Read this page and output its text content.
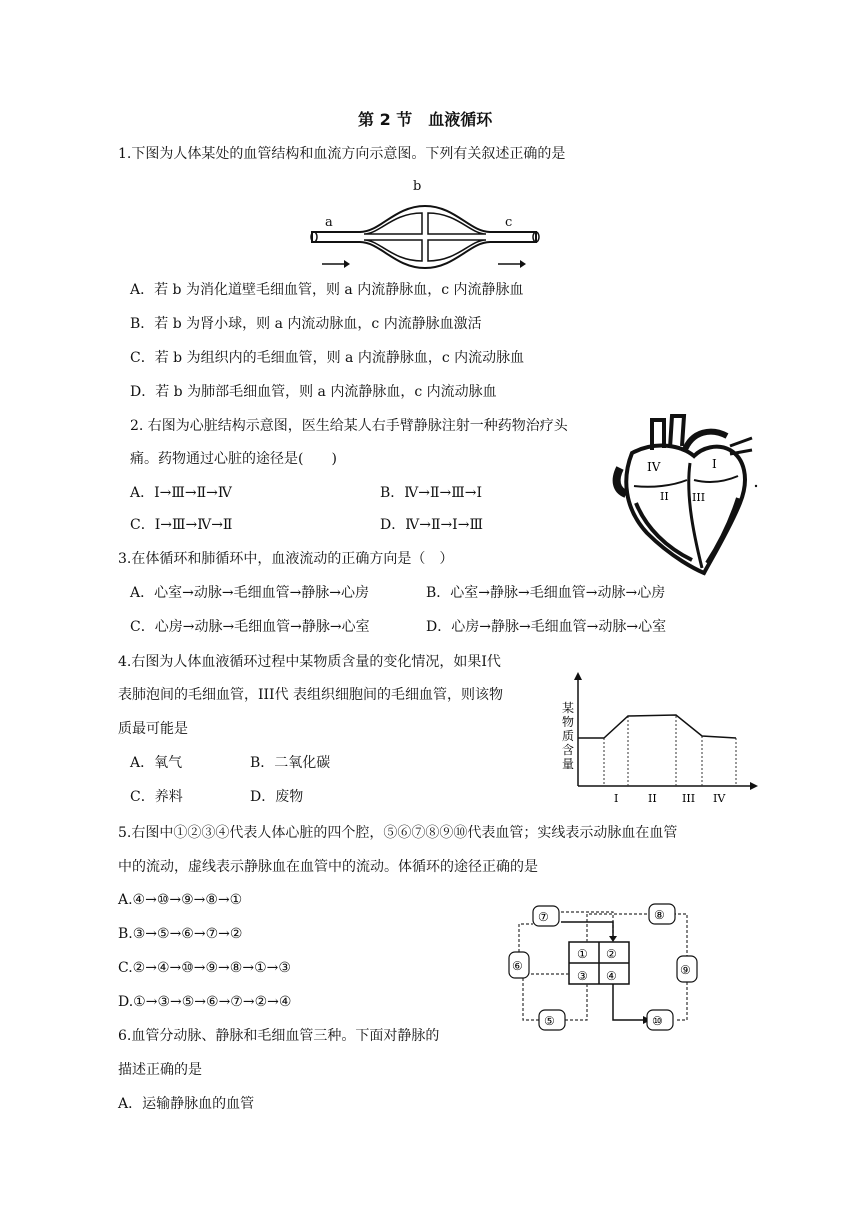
第 2 节　血液循环
1.下图为人体某处的血管结构和血流方向示意图。下列有关叙述正确的是
b
a	c
A．若 b 为消化道壁毛细血管，则 a 内流静脉血，c 内流静脉血
B．若 b 为肾小球，则 a 内流动脉血，c 内流静脉血激活
C．若 b 为组织内的毛细血管，则 a 内流静脉血，c 内流动脉血
D．若 b 为肺部毛细血管，则 a 内流静脉血，c 内流动脉血
2. 右图为心脏结构示意图，医生给某人右手臂静脉注射一种药物治疗头
痛。药物通过心脏的途径是(　　)
A．Ⅰ→Ⅲ→Ⅱ→Ⅳ	B．Ⅳ→Ⅱ→Ⅲ→Ⅰ
C．Ⅰ→Ⅲ→Ⅳ→Ⅱ	D．Ⅳ→Ⅱ→Ⅰ→Ⅲ
IV	I
II III
3.在体循环和肺循环中，血液流动的正确方向是（　）
A．心室→动脉→毛细血管→静脉→心房	B．心室→静脉→毛细血管→动脉→心房
C．心房→动脉→毛细血管→静脉→心室	D．心房→静脉→毛细血管→动脉→心室
4.右图为人体血液循环过程中某物质含量的变化情况，如果I代
表肺泡间的毛细血管，III代 表组织细胞间的毛细血管，则该物
质最可能是
A．氧气	B．二氧化碳
C．养料	D．废物
某
物
质
含
量
I	II III IV
5.右图中①②③④代表人体心脏的四个腔，⑤⑥⑦⑧⑨⑩代表血管；实线表示动脉血在血管
中的流动，虚线表示静脉血在血管中的流动。体循环的途径正确的是
A.④→⑩→⑨→⑧→①
B.③→⑤→⑥→⑦→②
C.②→④→⑩→⑨→⑧→①→③
D.①→③→⑤→⑥→⑦→②→④
① ②
③ ④
⑦	⑧
⑥	⑨
⑤	⑩
6.血管分动脉、静脉和毛细血管三种。下面对静脉的
描述正确的是
A．运输静脉血的血管
